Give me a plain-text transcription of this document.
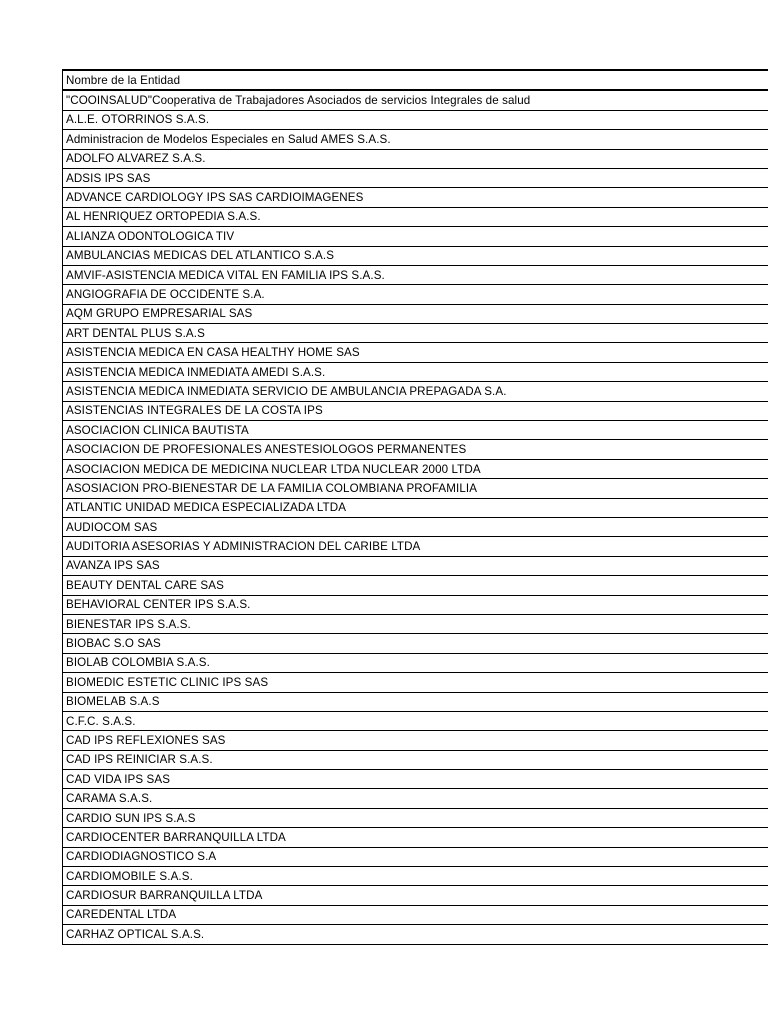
Nombre de la Entidad
"COOINSALUD"Cooperativa de Trabajadores Asociados de servicios Integrales de salud
A.L.E. OTORRINOS S.A.S.
Administracion de Modelos Especiales en Salud AMES S.A.S.
ADOLFO ALVAREZ S.A.S.
ADSIS IPS SAS
ADVANCE CARDIOLOGY IPS SAS CARDIOIMAGENES
AL HENRIQUEZ ORTOPEDIA S.A.S.
ALIANZA ODONTOLOGICA TIV
AMBULANCIAS MEDICAS DEL ATLANTICO S.A.S
AMVIF-ASISTENCIA MEDICA VITAL EN FAMILIA IPS S.A.S.
ANGIOGRAFIA DE OCCIDENTE S.A.
AQM GRUPO EMPRESARIAL SAS
ART DENTAL PLUS S.A.S
ASISTENCIA MEDICA EN CASA HEALTHY HOME SAS
ASISTENCIA MEDICA INMEDIATA AMEDI S.A.S.
ASISTENCIA MEDICA INMEDIATA SERVICIO DE AMBULANCIA PREPAGADA S.A.
ASISTENCIAS INTEGRALES DE LA COSTA IPS
ASOCIACION CLINICA BAUTISTA
ASOCIACION DE PROFESIONALES ANESTESIOLOGOS PERMANENTES
ASOCIACION MEDICA DE MEDICINA NUCLEAR LTDA NUCLEAR 2000 LTDA
ASOSIACION PRO-BIENESTAR DE LA FAMILIA COLOMBIANA PROFAMILIA
ATLANTIC UNIDAD MEDICA ESPECIALIZADA LTDA
AUDIOCOM SAS
AUDITORIA ASESORIAS Y ADMINISTRACION DEL CARIBE LTDA
AVANZA IPS SAS
BEAUTY DENTAL CARE SAS
BEHAVIORAL CENTER IPS S.A.S.
BIENESTAR IPS S.A.S.
BIOBAC S.O SAS
BIOLAB COLOMBIA S.A.S.
BIOMEDIC ESTETIC CLINIC IPS SAS
BIOMELAB S.A.S
C.F.C. S.A.S.
CAD IPS REFLEXIONES SAS
CAD IPS REINICIAR S.A.S.
CAD VIDA IPS SAS
CARAMA S.A.S.
CARDIO SUN IPS S.A.S
CARDIOCENTER BARRANQUILLA LTDA
CARDIODIAGNOSTICO S.A
CARDIOMOBILE S.A.S.
CARDIOSUR BARRANQUILLA LTDA
CAREDENTAL LTDA
CARHAZ OPTICAL S.A.S.
